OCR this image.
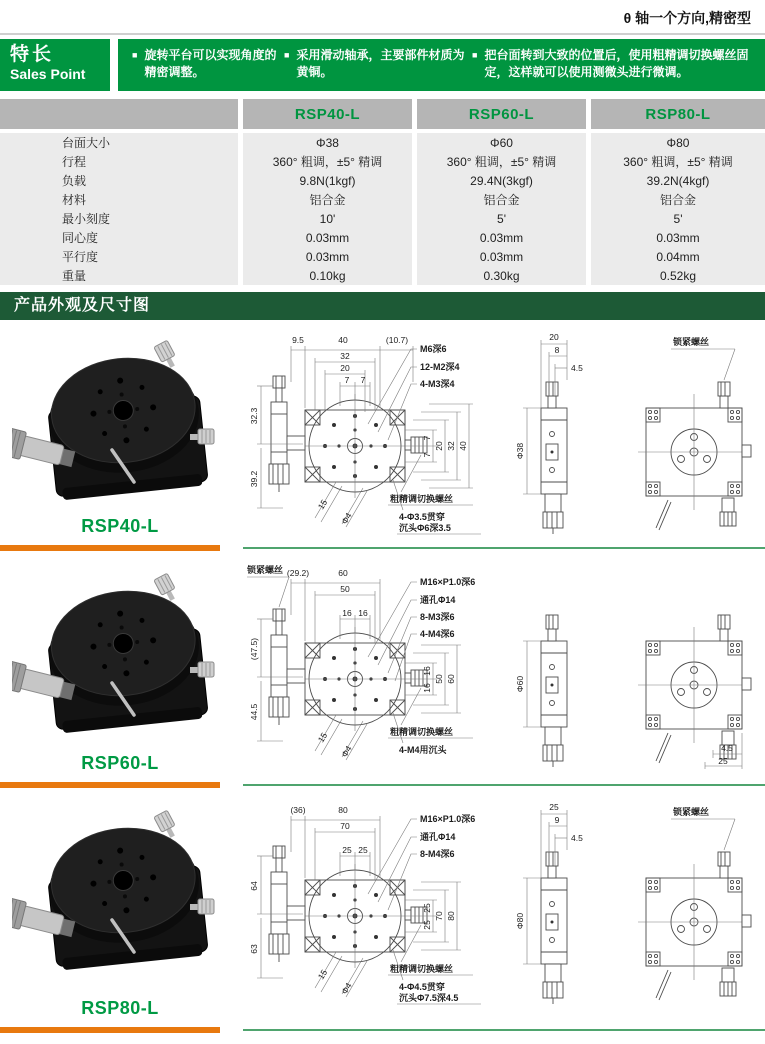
θ 轴一个方向,精密型
特长
Sales Point
■ 旋转平台可以实现角度的精密调整。
■ 采用滑动轴承，主要部件材质为黄铜。
■ 把台面转到大致的位置后，使用粗精调切换螺丝固定，这样就可以使用测微头进行微调。
RSP40-L	RSP60-L	RSP80-L
台面大小	Φ38	Φ60	Φ80
行程	360° 粗调，±5° 精调	360° 粗调，±5° 精调	360° 粗调，±5° 精调
负载	9.8N(1kgf)	29.4N(3kgf)	39.2N(4kgf)
材料	铝合金	铝合金	铝合金
最小刻度	10'	5'	5'
同心度	0.03mm	0.03mm	0.03mm
平行度	0.03mm	0.03mm	0.04mm
重量	0.10kg	0.30kg	0.52kg
产品外观及尺寸图
RSP40-L
9.5	40	(10.7)
32
20
7 7
M6深6
12-M2深4
4-M3深4
32.3
39.2
7
7
20 32 40
15
Φ4
粗精调切换螺丝
4-Φ3.5贯穿
沉头Φ6深3.5
20
8
4.5
Φ38
锁紧螺丝
RSP60-L
(29.2)	60
50
16 16
M16×P1.0深6
通孔Φ14
8-M3深6
4-M4深6
锁紧螺丝
(47.5)
44.5
16
16
50 60
15
Φ4
粗精调切换螺丝
4-M4用沉头
Φ60
4.5
25
RSP80-L
(36)	80
70
25 25
M16×P1.0深6
通孔Φ14
8-M4深6
64
63
25
25
70 80
15
Φ4
粗精调切换螺丝
4-Φ4.5贯穿
沉头Φ7.5深4.5
25
9
4.5
Φ80
锁紧螺丝
